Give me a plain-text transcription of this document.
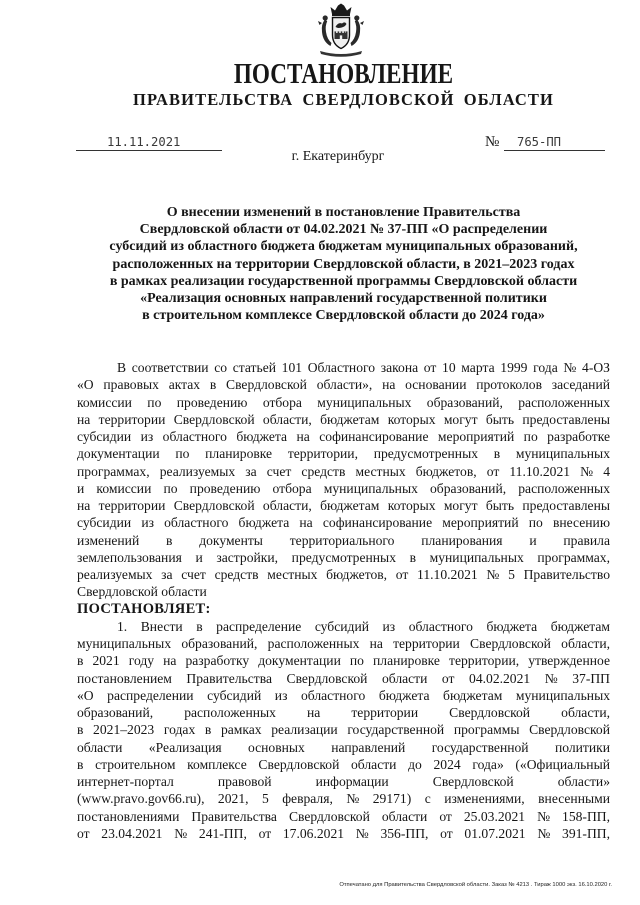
ПОСТАНОВЛЕНИЕ
ПРАВИТЕЛЬСТВА СВЕРДЛОВСКОЙ ОБЛАСТИ
11.11.2021	№	765-ПП
г. Екатеринбург
О внесении изменений в постановление Правительства
Свердловской области от 04.02.2021 № 37-ПП «О распределении
субсидий из областного бюджета бюджетам муниципальных образований,
расположенных на территории Свердловской области, в 2021–2023 годах
в рамках реализации государственной программы Свердловской области
«Реализация основных направлений государственной политики
в строительном комплексе Свердловской области до 2024 года»
В соответствии со статьей 101 Областного закона от 10 марта 1999 года № 4-ОЗ
«О правовых актах в Свердловской области», на основании протоколов заседаний
комиссии по проведению отбора муниципальных образований, расположенных
на территории Свердловской области, бюджетам которых могут быть предоставлены
субсидии из областного бюджета на софинансирование мероприятий по разработке
документации по планировке территории, предусмотренных в муниципальных
программах, реализуемых за счет средств местных бюджетов, от 11.10.2021 № 4
и комиссии по проведению отбора муниципальных образований, расположенных
на территории Свердловской области, бюджетам которых могут быть предоставлены
субсидии из областного бюджета на софинансирование мероприятий по внесению
изменений в документы территориального планирования и правила
землепользования и застройки, предусмотренных в муниципальных программах,
реализуемых за счет средств местных бюджетов, от 11.10.2021 № 5 Правительство
Свердловской области
ПОСТАНОВЛЯЕТ:
1. Внести в распределение субсидий из областного бюджета бюджетам
муниципальных образований, расположенных на территории Свердловской области,
в 2021 году на разработку документации по планировке территории, утвержденное
постановлением Правительства Свердловской области от 04.02.2021 № 37-ПП
«О распределении субсидий из областного бюджета бюджетам муниципальных
образований, расположенных на территории Свердловской области,
в 2021–2023 годах в рамках реализации государственной программы Свердловской
области «Реализация основных направлений государственной политики
в строительном комплексе Свердловской области до 2024 года» («Официальный
интернет-портал правовой информации Свердловской области»
(www.pravo.gov66.ru), 2021, 5 февраля, № 29171) с изменениями, внесенными
постановлениями Правительства Свердловской области от 25.03.2021 № 158-ПП,
от 23.04.2021 № 241-ПП, от 17.06.2021 № 356-ПП, от 01.07.2021 № 391-ПП,
Отпечатано для Правительства Свердловской области. Заказ № 4213 . Тираж 1000 экз. 16.10.2020 г.
